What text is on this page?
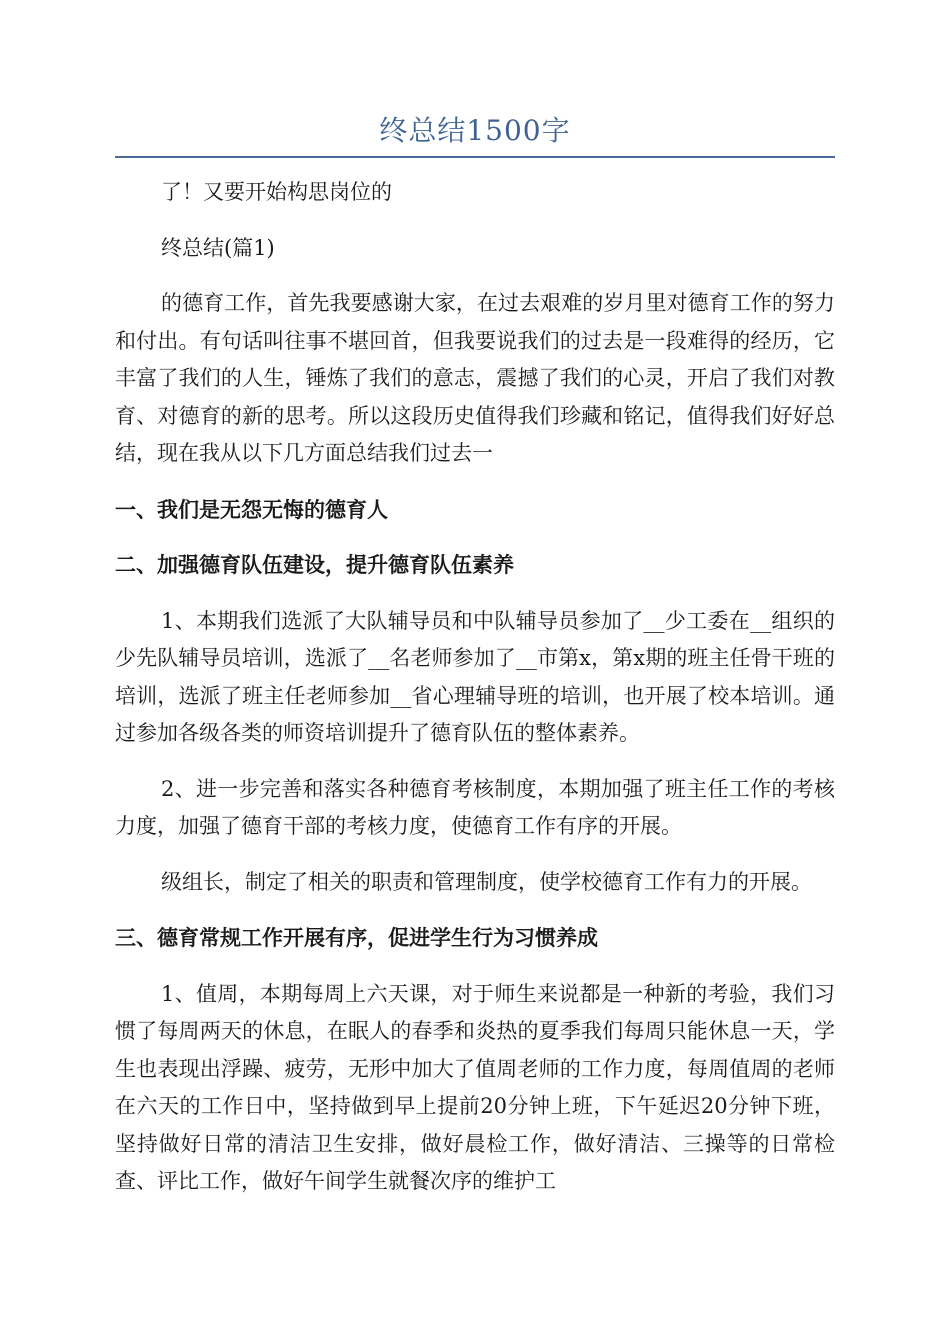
终总结1500字

了！又要开始构思岗位的

终总结(篇1)

的德育工作，首先我要感谢大家，在过去艰难的岁月里对德育工作的努力和付出。有句话叫往事不堪回首，但我要说我们的过去是一段难得的经历，它丰富了我们的人生，锤炼了我们的意志，震撼了我们的心灵，开启了我们对教育、对德育的新的思考。所以这段历史值得我们珍藏和铭记，值得我们好好总结，现在我从以下几方面总结我们过去一

一、我们是无怨无悔的德育人
二、加强德育队伍建设，提升德育队伍素养

1、本期我们选派了大队辅导员和中队辅导员参加了__少工委在__组织的少先队辅导员培训，选派了__名老师参加了__市第x，第x期的班主任骨干班的培训，选派了班主任老师参加__省心理辅导班的培训，也开展了校本培训。通过参加各级各类的师资培训提升了德育队伍的整体素养。

2、进一步完善和落实各种德育考核制度，本期加强了班主任工作的考核力度，加强了德育干部的考核力度，使德育工作有序的开展。

级组长，制定了相关的职责和管理制度，使学校德育工作有力的开展。

三、德育常规工作开展有序，促进学生行为习惯养成

1、值周，本期每周上六天课，对于师生来说都是一种新的考验，我们习惯了每周两天的休息，在眠人的春季和炎热的夏季我们每周只能休息一天，学生也表现出浮躁、疲劳，无形中加大了值周老师的工作力度，每周值周的老师在六天的工作日中，坚持做到早上提前20分钟上班，下午延迟20分钟下班，坚持做好日常的清洁卫生安排，做好晨检工作，做好清洁、三操等的日常检查、评比工作，做好午间学生就餐次序的维护工
